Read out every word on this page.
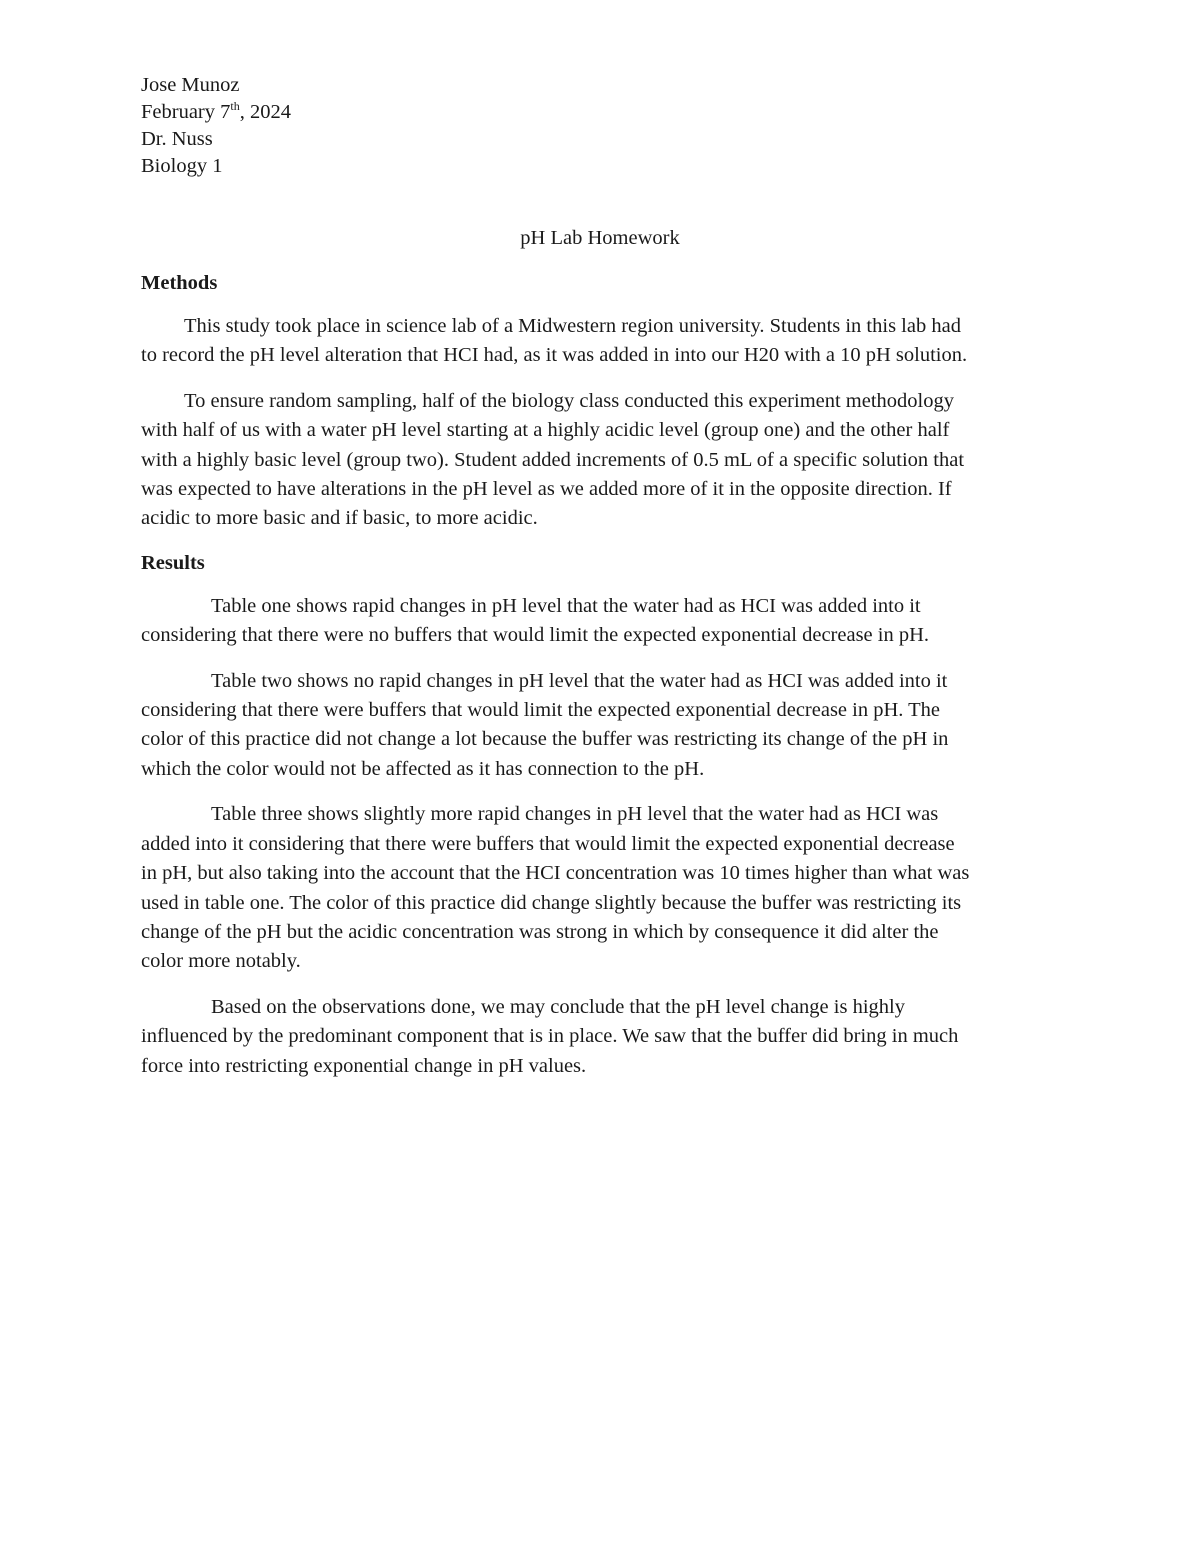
Jose Munoz
February 7th, 2024
Dr. Nuss
Biology 1
pH Lab Homework
Methods

This study took place in science lab of a Midwestern region university. Students in this lab had to record the pH level alteration that HCI had, as it was added in into our H20 with a 10 pH solution.

To ensure random sampling, half of the biology class conducted this experiment methodology with half of us with a water pH level starting at a highly acidic level (group one) and the other half with a highly basic level (group two). Student added increments of 0.5 mL of a specific solution that was expected to have alterations in the pH level as we added more of it in the opposite direction. If acidic to more basic and if basic, to more acidic.

Results

Table one shows rapid changes in pH level that the water had as HCI was added into it considering that there were no buffers that would limit the expected exponential decrease in pH.

Table two shows no rapid changes in pH level that the water had as HCI was added into it considering that there were buffers that would limit the expected exponential decrease in pH. The color of this practice did not change a lot because the buffer was restricting its change of the pH in which the color would not be affected as it has connection to the pH.

Table three shows slightly more rapid changes in pH level that the water had as HCI was added into it considering that there were buffers that would limit the expected exponential decrease in pH, but also taking into the account that the HCI concentration was 10 times higher than what was used in table one. The color of this practice did change slightly because the buffer was restricting its change of the pH but the acidic concentration was strong in which by consequence it did alter the color more notably.

Based on the observations done, we may conclude that the pH level change is highly influenced by the predominant component that is in place. We saw that the buffer did bring in much force into restricting exponential change in pH values.
